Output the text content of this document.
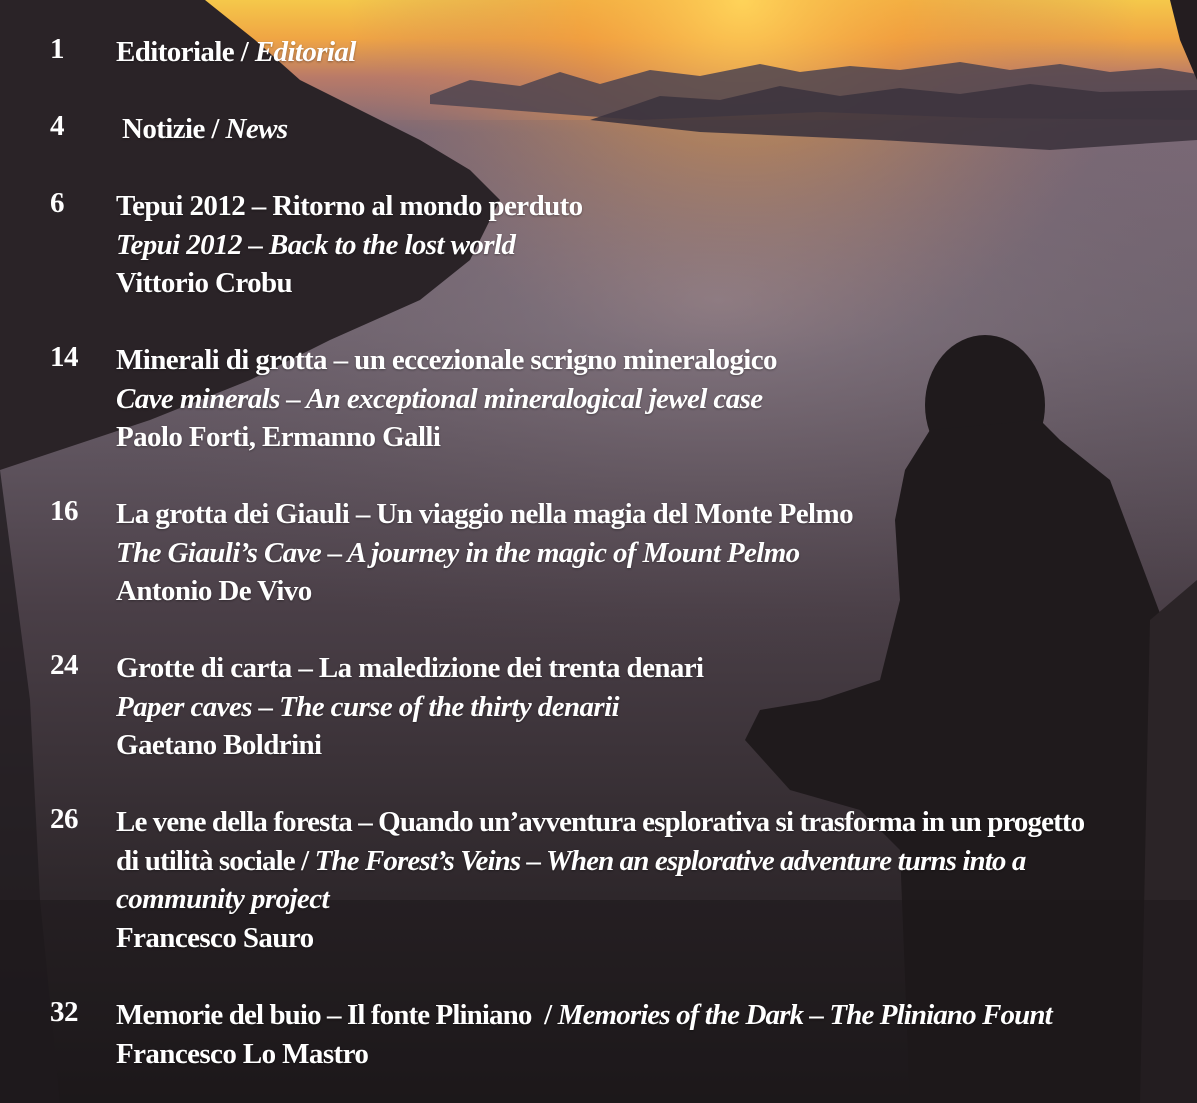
1 Editoriale / Editorial
4 Notizie / News
6 Tepui 2012 – Ritorno al mondo perduto
Tepui 2012 – Back to the lost world
Vittorio Crobu
14 Minerali di grotta – un eccezionale scrigno mineralogico
Cave minerals – An exceptional mineralogical jewel case
Paolo Forti, Ermanno Galli
16 La grotta dei Giauli – Un viaggio nella magia del Monte Pelmo
The Giauli’s Cave – A journey in the magic of Mount Pelmo
Antonio De Vivo
24 Grotte di carta – La maledizione dei trenta denari
Paper caves – The curse of the thirty denarii
Gaetano Boldrini
26 Le vene della foresta – Quando un’avventura esplorativa si trasforma in un progetto
di utilità sociale / The Forest’s Veins – When an esplorative adventure turns into a
community project
Francesco Sauro
32 Memorie del buio – Il fonte Pliniano  / Memories of the Dark – The Pliniano Fount
Francesco Lo Mastro
